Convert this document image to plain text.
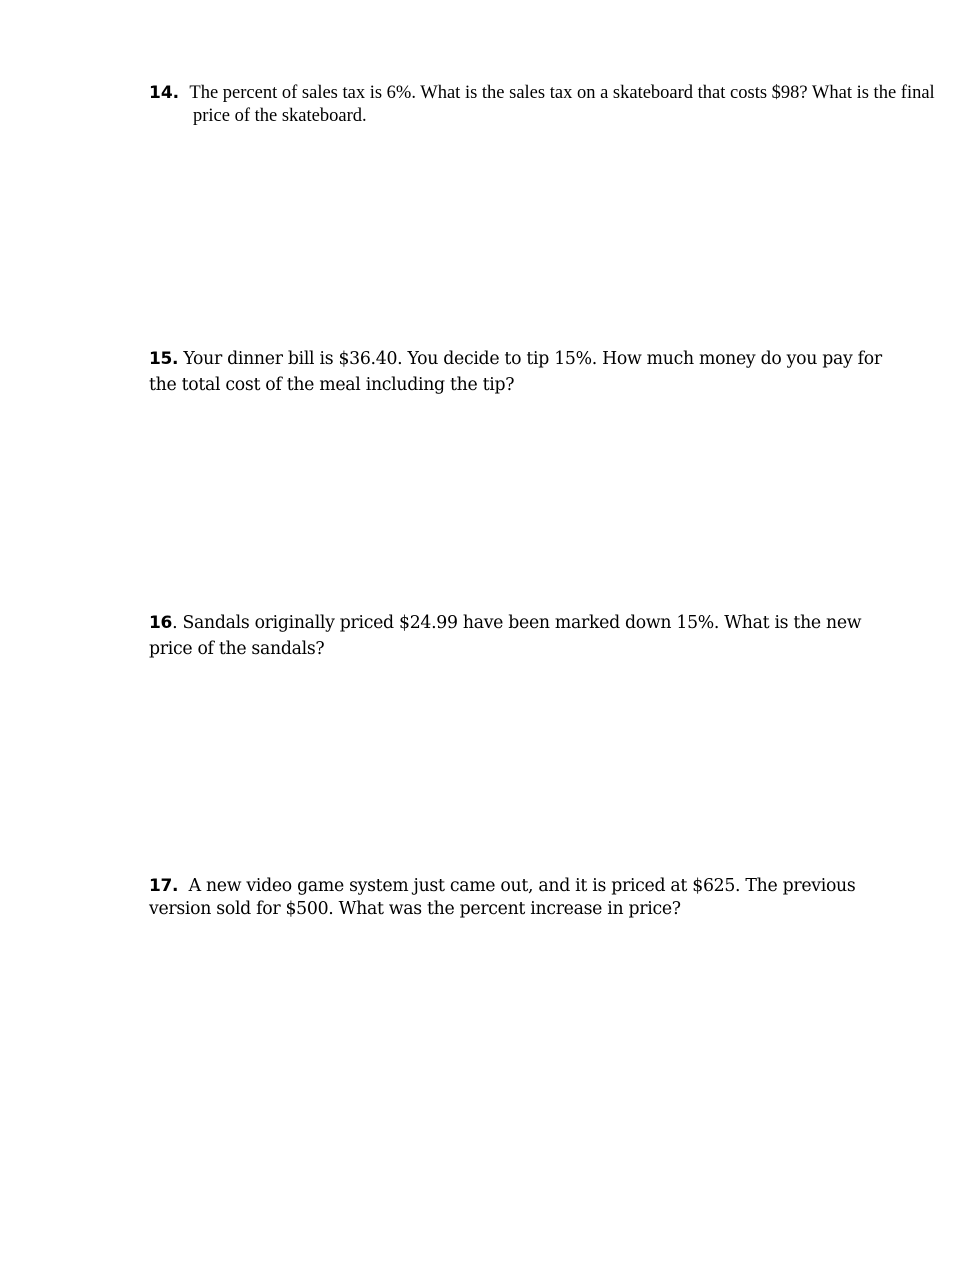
14. The percent of sales tax is 6%. What is the sales tax on a skateboard that costs $98? What is the final price of the skateboard.
15. Your dinner bill is $36.40. You decide to tip 15%. How much money do you pay for the total cost of the meal including the tip?
16. Sandals originally priced $24.99 have been marked down 15%. What is the new price of the sandals?
17. A new video game system just came out, and it is priced at $625. The previous version sold for $500. What was the percent increase in price?
